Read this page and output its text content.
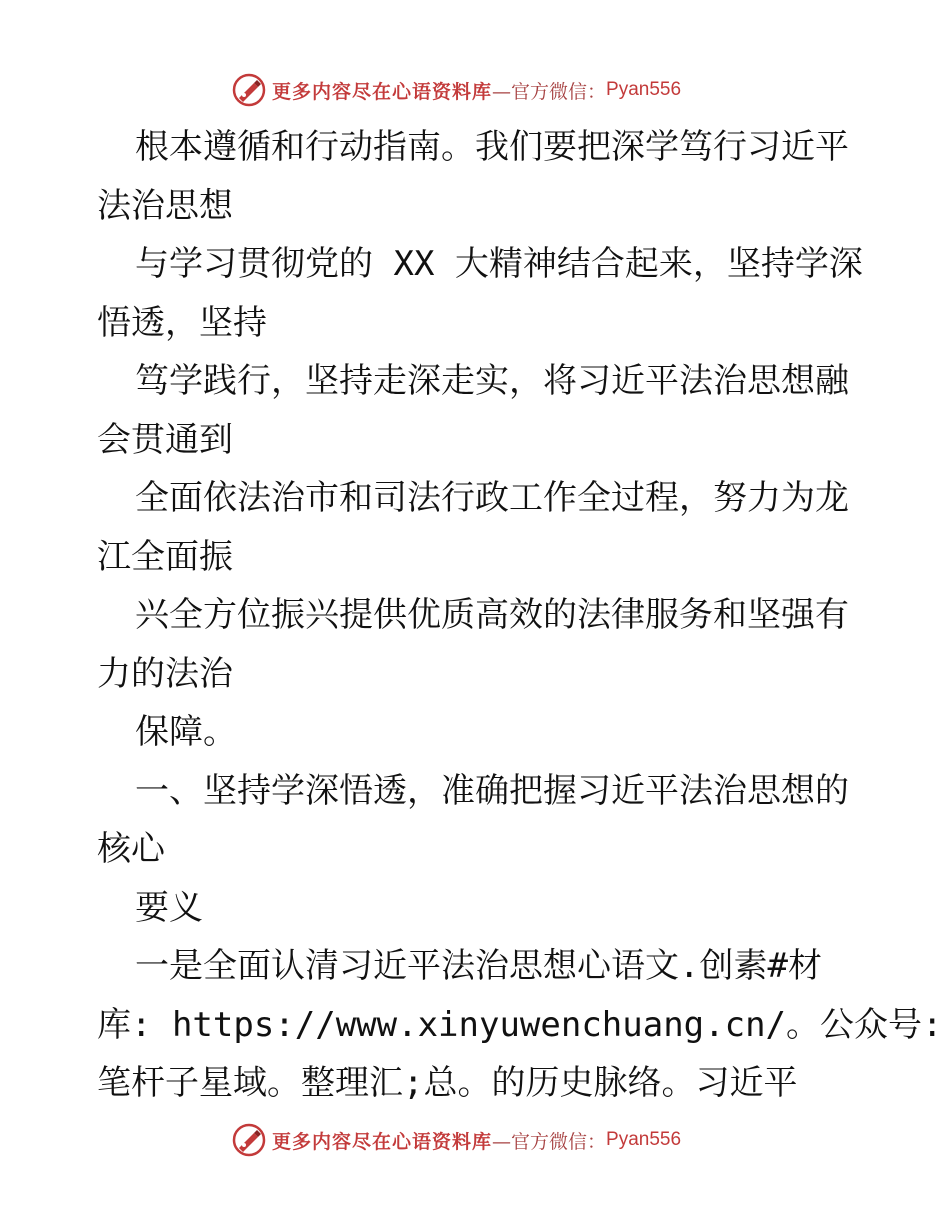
更多内容尽在心语资料库 —官方微信： Pyan556
根本遵循和行动指南。我们要把深学笃行习近平
法治思想
与学习贯彻党的 XX 大精神结合起来，坚持学深
悟透，坚持
笃学践行，坚持走深走实，将习近平法治思想融
会贯通到
全面依法治市和司法行政工作全过程，努力为龙
江全面振
兴全方位振兴提供优质高效的法律服务和坚强有
力的法治
保障。
一、坚持学深悟透，准确把握习近平法治思想的
核心
要义
一是全面认清习近平法治思想心语文.创素#材
库: https://www.xinyuwenchuang.cn/。公众号:
笔杆子星域。整理汇;总。的历史脉络。习近平
更多内容尽在心语资料库 —官方微信： Pyan556
